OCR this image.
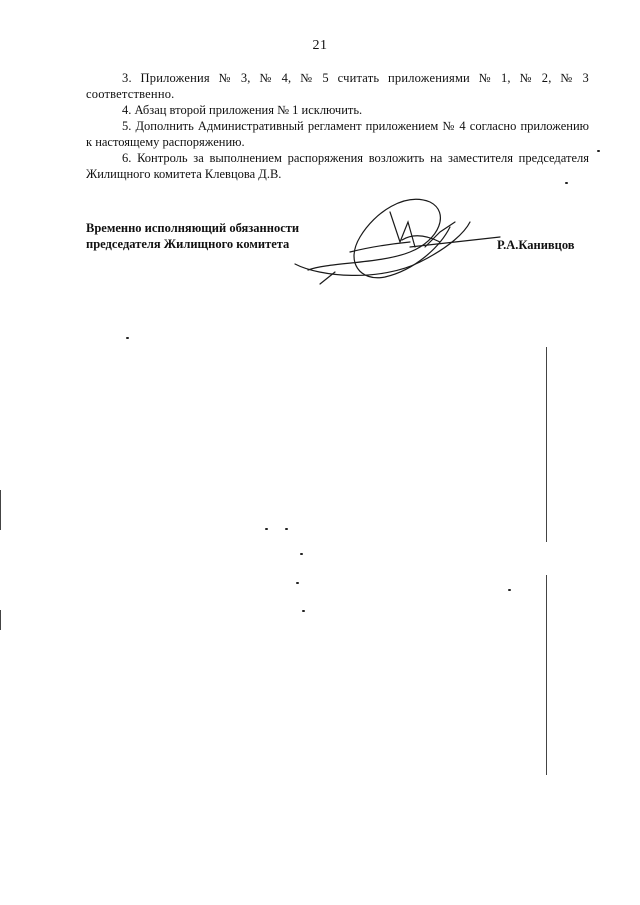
21

3. Приложения № 3, № 4, № 5 считать приложениями № 1, № 2, № 3 соответственно.

4. Абзац второй приложения № 1 исключить.

5. Дополнить Административный регламент приложением № 4 согласно приложению к настоящему распоряжению.

6. Контроль за выполнением распоряжения возложить на заместителя председателя Жилищного комитета Клевцова Д.В.

Временно исполняющий обязанности
председателя Жилищного комитета	Р.А.Канивцов
